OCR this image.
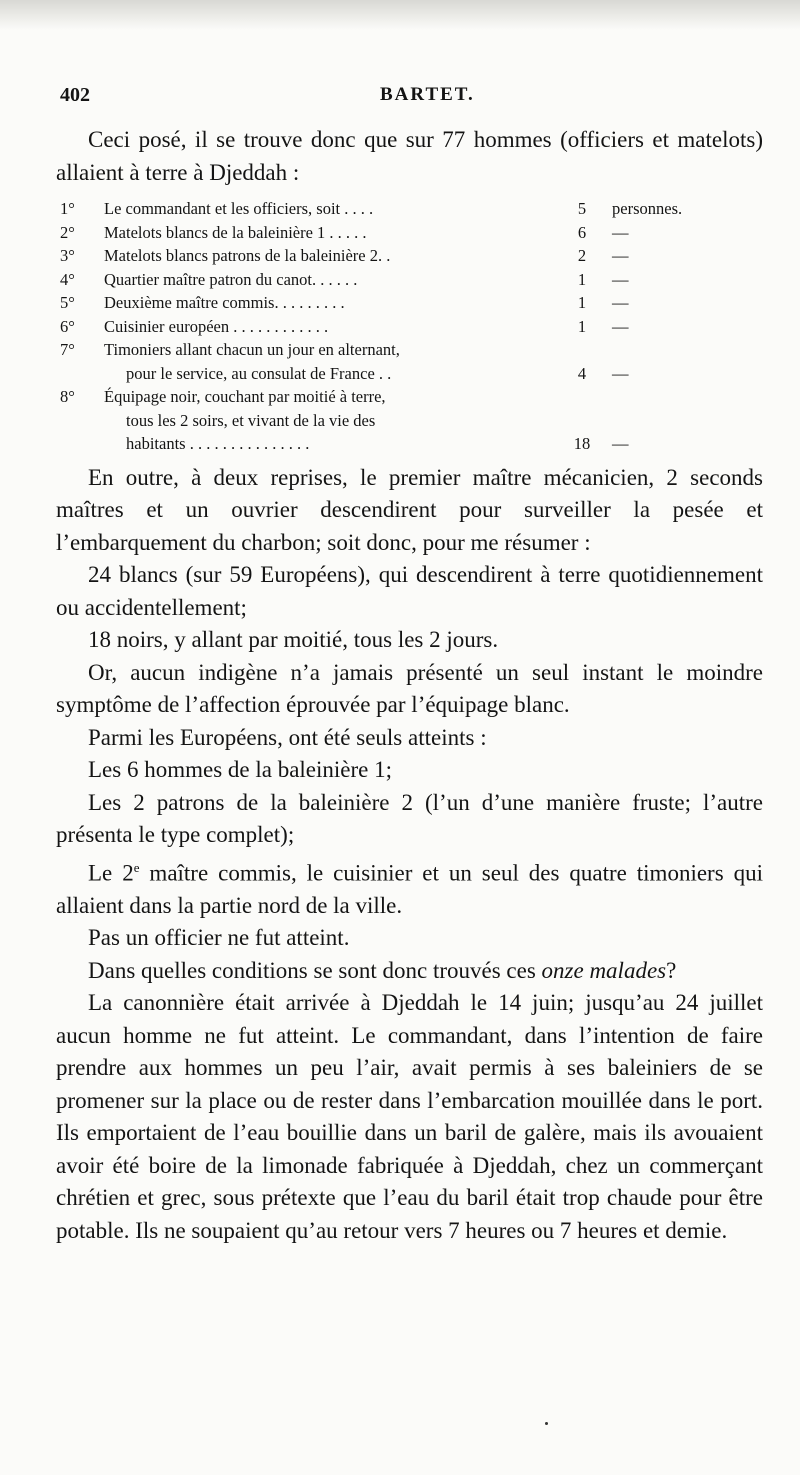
402	BARTET.

Ceci posé, il se trouve donc que sur 77 hommes (officiers et matelots) allaient à terre à Djeddah :

1°	Le commandant et les officiers, soit . . . .	5	personnes.
2°	Matelots blancs de la baleinière 1 . . . . .	6	—
3°	Matelots blancs patrons de la baleinière 2. .	2	—
4°	Quartier maître patron du canot. . . . . .	1	—
5°	Deuxième maître commis. . . . . . . . .	1	—
6°	Cuisinier européen . . . . . . . . . . . .	1	—
7°	Timoniers allant chacun un jour en alternant,
pour le service, au consulat de France . .	4	—
8°	Équipage noir, couchant par moitié à terre,
tous les 2 soirs, et vivant de la vie des
habitants . . . . . . . . . . . . . . .	18	—

En outre, à deux reprises, le premier maître mécanicien, 2 seconds maîtres et un ouvrier descendirent pour surveiller la pesée et l’embarquement du charbon; soit donc, pour me résumer :

24 blancs (sur 59 Européens), qui descendirent à terre quotidiennement ou accidentellement;

18 noirs, y allant par moitié, tous les 2 jours.

Or, aucun indigène n’a jamais présenté un seul instant le moindre symptôme de l’affection éprouvée par l’équipage blanc.

Parmi les Européens, ont été seuls atteints :

Les 6 hommes de la baleinière 1;

Les 2 patrons de la baleinière 2 (l’un d’une manière fruste; l’autre présenta le type complet);

Le 2e maître commis, le cuisinier et un seul des quatre timoniers qui allaient dans la partie nord de la ville.

Pas un officier ne fut atteint.

Dans quelles conditions se sont donc trouvés ces onze malades?

La canonnière était arrivée à Djeddah le 14 juin; jusqu’au 24 juillet aucun homme ne fut atteint. Le commandant, dans l’intention de faire prendre aux hommes un peu l’air, avait permis à ses baleiniers de se promener sur la place ou de rester dans l’embarcation mouillée dans le port. Ils emportaient de l’eau bouillie dans un baril de galère, mais ils avouaient avoir été boire de la limonade fabriquée à Djeddah, chez un commerçant chrétien et grec, sous prétexte que l’eau du baril était trop chaude pour être potable. Ils ne soupaient qu’au retour vers 7 heures ou 7 heures et demie.
